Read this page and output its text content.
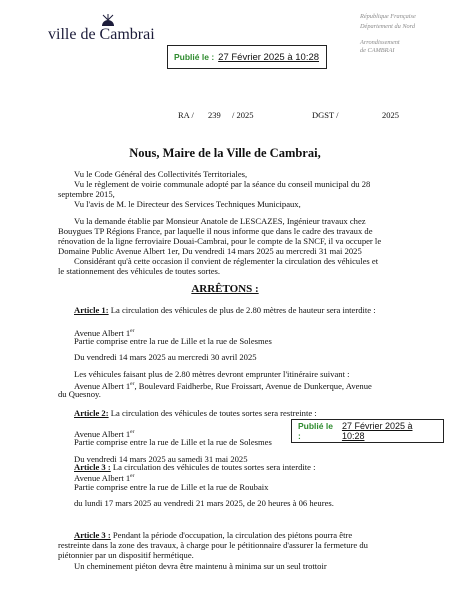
ville de Cambrai
République Française
Département du Nord
Arrondissement
de CAMBRAI
Publié le : 27 Février 2025 à 10:28
RA / 239 / 2025	DGST /	2025
Nous, Maire de la Ville de Cambrai,
Vu le Code Général des Collectivités Territoriales,
Vu le règlement de voirie communale adopté par la séance du conseil municipal du 28
septembre 2015,
Vu l'avis de M. le Directeur des Services Techniques Municipaux,
Vu la demande établie par Monsieur Anatole de LESCAZES, Ingénieur travaux chez
Bouygues TP Régions France, par laquelle il nous informe que dans le cadre des travaux de
rénovation de la ligne ferroviaire Douai-Cambrai, pour le compte de la SNCF, il va occuper le
Domaine Public Avenue Albert 1er, Du vendredi 14 mars 2025 au mercredi 31 mai 2025
Considérant qu'à cette occasion il convient de réglementer la circulation des véhicules et
le stationnement des véhicules de toutes sortes.
ARRÊTONS :
Article 1: La circulation des véhicules de plus de 2.80 mètres de hauteur sera interdite :
Avenue Albert 1er
Partie comprise entre la rue de Lille et la rue de Solesmes
Du vendredi 14 mars 2025 au mercredi 30 avril 2025
Les véhicules faisant plus de 2.80 mètres devront emprunter l'itinéraire suivant :
Avenue Albert 1er, Boulevard Faidherbe, Rue Froissart, Avenue de Dunkerque, Avenue
du Quesnoy.
Article 2: La circulation des véhicules de toutes sortes sera restreinte :
Avenue Albert 1er
Partie comprise entre la rue de Lille et la rue de Solesmes
Du vendredi 14 mars 2025 au samedi 31 mai 2025
Publié le :
27 Février 2025 à 10:28
Article 3 : La circulation des véhicules de toutes sortes sera interdite :
Avenue Albert 1er
Partie comprise entre la rue de Lille et la rue de Roubaix
du lundi 17 mars 2025 au vendredi 21 mars 2025, de 20 heures à 06 heures.
Article 3 : Pendant la période d'occupation, la circulation des piétons pourra être
restreinte dans la zone des travaux, à charge pour le pétitionnaire d'assurer la fermeture du
piétonnier par un dispositif hermétique.
Un cheminement piéton devra être maintenu à minima sur un seul trottoir
